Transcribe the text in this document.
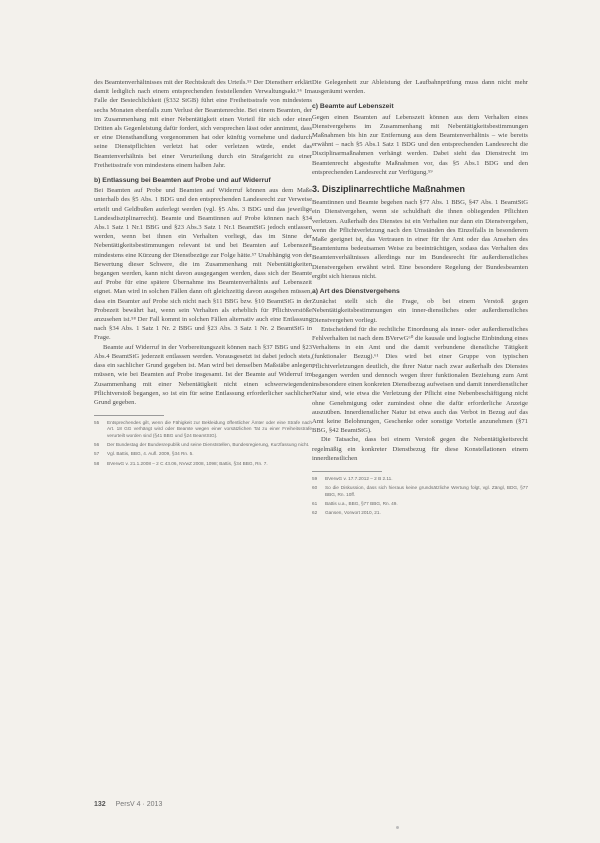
des Beamtenverhältnisses mit der Rechtskraft des Urteils.⁵⁵ Der Dienstherr erklärt damit lediglich nach einem entsprechenden feststellenden Verwaltungsakt.⁵⁶ Im Falle der Bestechlichkeit (§332 StGB) führt eine Freiheitsstrafe von mindestens sechs Monaten ebenfalls zum Verlust der Beamtenrechte. Bei einem Beamten, der im Zusammenhang mit einer Nebentätigkeit einen Vorteil für sich oder einen Dritten als Gegenleistung dafür fordert, sich versprechen lässt oder annimmt, dass er eine Diensthandlung vorgenommen hat oder künftig vornehme und dadurch seine Dienstpflichten verletzt hat oder verletzen würde, endet das Beamtenverhältnis bei einer Verurteilung durch ein Strafgericht zu einer Freiheitsstrafe von mindestens einem halben Jahr.

b) Entlassung bei Beamten auf Probe und auf Widerruf

Bei Beamten auf Probe und Beamten auf Widerruf können aus dem Maße unterhalb des §5 Abs. 1 BDG und den entsprechenden Landesrecht zur Verweise erteilt und Geldbußen auferlegt werden (vgl. §5 Abs. 3 BDG und das jeweilige Landesdisziplinarrecht). Beamte und Beamtinnen auf Probe können nach §34 Abs.1 Satz 1 Nr.1 BBG und §23 Abs.3 Satz 1 Nr.1 BeamtStG jedoch entlassen werden, wenn bei ihnen ein Verhalten vorliegt, das im Sinne der Nebentätigkeitsbestimmungen relevant ist und bei Beamten auf Lebenszeit mindestens eine Kürzung der Dienstbezüge zur Folge hätte.⁵⁷ Unabhängig von der Bewertung dieser Schwere, die im Zusammenhang mit Nebentätigkeiten begangen werden, kann nicht davon ausgegangen werden, dass sich der Beamte auf Probe für eine spätere Übernahme ins Beamtenverhältnis auf Lebenszeit eignet. Man wird in solchen Fällen dann oft gleichzeitig davon ausgehen müssen, dass ein Beamter auf Probe sich nicht nach §11 BBG bzw. §10 BeamtStG in der Probezeit bewährt hat, wenn sein Verhalten als erheblich für Pflichtverstöße anzusehen ist.⁵⁸ Der Fall kommt in solchen Fällen alternativ auch eine Entlassung nach §34 Abs. 1 Satz 1 Nr. 2 BBG und §23 Abs. 3 Satz 1 Nr. 2 BeamtStG in Frage.

Beamte auf Widerruf in der Vorbereitungszeit können nach §37 BBG und §23 Abs.4 BeamtStG jederzeit entlassen werden. Vorausgesetzt ist dabei jedoch stets, dass ein sachlicher Grund gegeben ist. Man wird bei denselben Maßstäbe anlegen müssen, wie bei Beamten auf Probe insgesamt. Ist der Beamte auf Widerruf im Zusammenhang mit einer Nebentätigkeit nicht einen schwerwiegenden Pflichtverstoß begangen, so ist ein für seine Entlassung erforderlicher sachlicher Grund gegeben.

55	Entsprechendes gilt, wenn die Fähigkeit zur Bekleidung öffentlicher Ämter oder eine Strafe nach Art. 18 GG verhängt wird oder Beamte wegen einer vorsätzlichen Tat zu einer Freiheitsstrafe verurteilt worden sind (§41 BBG und §24 BeamtStG).
56	Der Bundestag der Bundesrepublik und seine Dienststellen, Bundesregierung, Kurzfassung nicht.
57	Vgl. Battis, BBG, 4. Aufl. 2009, §34 Rn. 5.
58	BVerwG v. 21.1.2008 – 2 C 43.06, NVwZ 2008, 1098; Battis, §34 BBG, Rn. 7.

Die Gelegenheit zur Ableistung der Laufbahnprüfung muss dann nicht mehr ausgeräumt werden.

c) Beamte auf Lebenszeit

Gegen einen Beamten auf Lebenszeit können aus dem Verhalten eines Dienstvergehens im Zusammenhang mit Nebentätigkeitsbestimmungen Maßnahmen bis hin zur Entfernung aus dem Beamtenverhältnis – wie bereits erwähnt – nach §5 Abs.1 Satz 1 BDG und den entsprechenden Landesrecht die Disziplinarmaßnahmen verhängt werden. Dabei sieht das Dienstrecht im Beamtenrecht abgestufte Maßnahmen vor, das §5 Abs.1 BDG und den entsprechenden Landesrecht zur Verfügung.⁵⁹

3. Disziplinarrechtliche Maßnahmen

Beamtinnen und Beamte begehen nach §77 Abs. 1 BBG, §47 Abs. 1 BeamtStG ein Dienstvergehen, wenn sie schuldhaft die ihnen obliegenden Pflichten verletzen. Außerhalb des Dienstes ist ein Verhalten nur dann ein Dienstvergehen, wenn die Pflichtverletzung nach den Umständen des Einzelfalls in besonderem Maße geeignet ist, das Vertrauen in einer für ihr Amt oder das Ansehen des Beamtentums bedeutsamen Weise zu beeinträchtigen, sodass das Verhalten des Beamtenverhältnisses allerdings nur im Bundesrecht für außerdienstliches Dienstvergehen erwähnt wird. Eine besondere Regelung der Bundesbeamten ergibt sich hieraus nicht.

a) Art des Dienstvergehens

Zunächst stellt sich die Frage, ob bei einem Verstoß gegen Nebentätigkeitsbestimmungen ein inner-dienstliches oder außerdienstliches Dienstvergehen vorliegt.

Entscheidend für die rechtliche Einordnung als inner- oder außerdienstliches Fehlverhalten ist nach dem BVerwG⁶⁰ die kausale und logische Einbindung eines Verhaltens in ein Amt und die damit verbundene dienstliche Tätigkeit (funktionaler Bezug).⁶¹ Dies wird bei einer Gruppe von typischen Pflichtverletzungen deutlich, die ihrer Natur nach zwar außerhalb des Dienstes begangen werden und dennoch wegen ihrer funktionalen Beziehung zum Amt insbesondere einen konkreten Dienstbezug aufweisen und damit innerdienstlicher Natur sind, wie etwa die Verletzung der Pflicht eine Nebenbeschäftigung nicht ohne Genehmigung oder zumindest ohne die dafür erforderliche Anzeige auszuüben. Innerdienstlicher Natur ist etwa auch das Verbot in Bezug auf das Amt keine Belohnungen, Geschenke oder sonstige Vorteile anzunehmen (§71 BBG, §42 BeamtStG).

Die Tatsache, dass bei einem Verstoß gegen die Nebentätigkeitsrecht regelmäßig ein konkreter Dienstbezug für diese Konstellationen einem innerdienstlichen

59	BVerwG v. 17.7.2012 – 2 B 2.11.
60	So die Diskussion, dass sich hieraus keine grundsätzliche Wertung folgt, vgl. Zängl, BDG, §77 BBG, Rn. 10ff.
61	Battis u.a., BBG, §77 BBG, Rn. 49.
62	Gansen, Vorwort 2010, 21.
132 PersV 4 · 2013
